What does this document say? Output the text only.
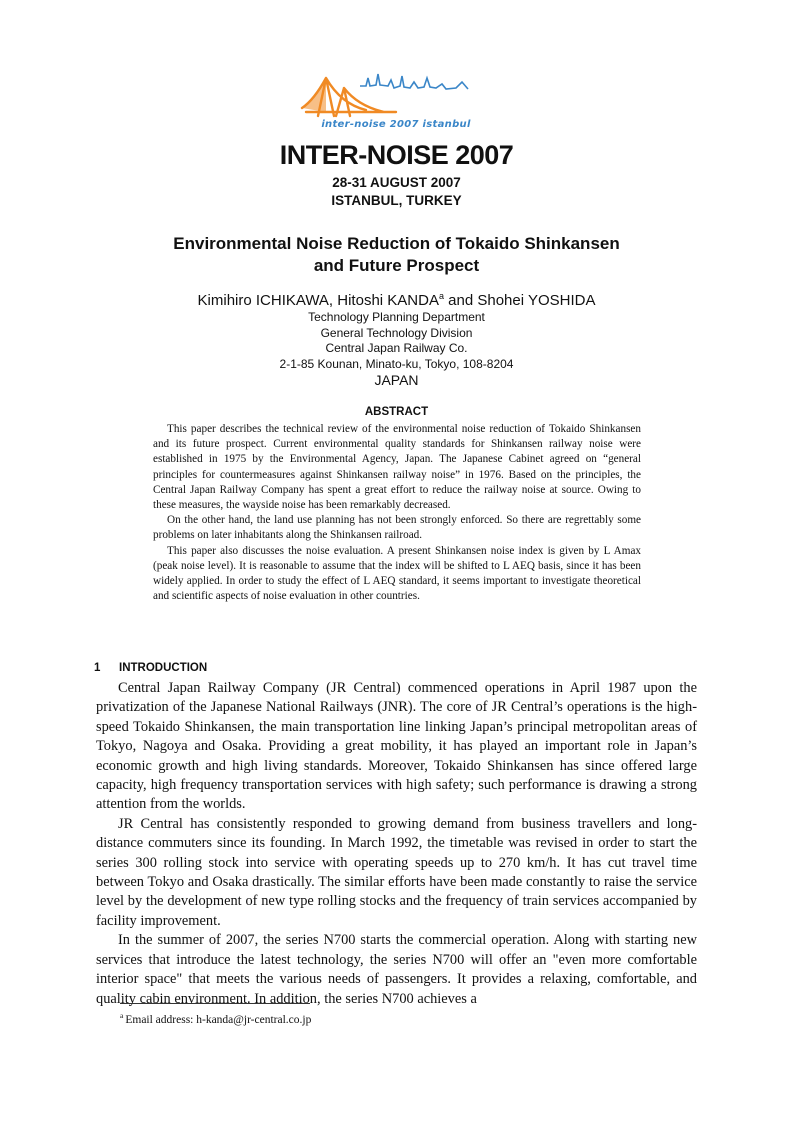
inter-noise 2007 istanbul
INTER-NOISE 2007
28-31 AUGUST 2007
ISTANBUL, TURKEY
Environmental Noise Reduction of Tokaido Shinkansen
and Future Prospect
Kimihiro ICHIKAWA, Hitoshi KANDA$^a$ and Shohei YOSHIDA
Technology Planning Department
General Technology Division
Central Japan Railway Co.
2-1-85 Kounan, Minato-ku, Tokyo, 108-8204
JAPAN
ABSTRACT

This paper describes the technical review of the environmental noise reduction of Tokaido Shinkansen and its future prospect. Current environmental quality standards for Shinkansen railway noise were established in 1975 by the Environmental Agency, Japan. The Japanese Cabinet agreed on “general principles for countermeasures against Shinkansen railway noise” in 1976. Based on the principles, the Central Japan Railway Company has spent a great effort to reduce the railway noise at source. Owing to these measures, the wayside noise has been remarkably decreased.

On the other hand, the land use planning has not been strongly enforced. So there are regrettably some problems on later inhabitants along the Shinkansen railroad.

This paper also discusses the noise evaluation. A present Shinkansen noise index is given by L Amax (peak noise level). It is reasonable to assume that the index will be shifted to L AEQ basis, since it has been widely applied. In order to study the effect of L AEQ standard, it seems important to investigate theoretical and scientific aspects of noise evaluation in other countries.

1 INTRODUCTION

Central Japan Railway Company (JR Central) commenced operations in April 1987 upon the privatization of the Japanese National Railways (JNR). The core of JR Central’s operations is the high-speed Tokaido Shinkansen, the main transportation line linking Japan’s principal metropolitan areas of Tokyo, Nagoya and Osaka. Providing a great mobility, it has played an important role in Japan’s economic growth and high living standards. Moreover, Tokaido Shinkansen has since offered large capacity, high frequency transportation services with high safety; such performance is drawing a strong attention from the worlds.

JR Central has consistently responded to growing demand from business travellers and long-distance commuters since its founding. In March 1992, the timetable was revised in order to start the series 300 rolling stock into service with operating speeds up to 270 km/h. It has cut travel time between Tokyo and Osaka drastically. The similar efforts have been made constantly to raise the service level by the development of new type rolling stocks and the frequency of train services accompanied by facility improvement.

In the summer of 2007, the series N700 starts the commercial operation. Along with starting new services that introduce the latest technology, the series N700 will offer an "even more comfortable interior space" that meets the various needs of passengers. It provides a relaxing, comfortable, and quality cabin environment. In addition, the series N700 achieves a

$^a$ Email address: h-kanda@jr-central.co.jp
